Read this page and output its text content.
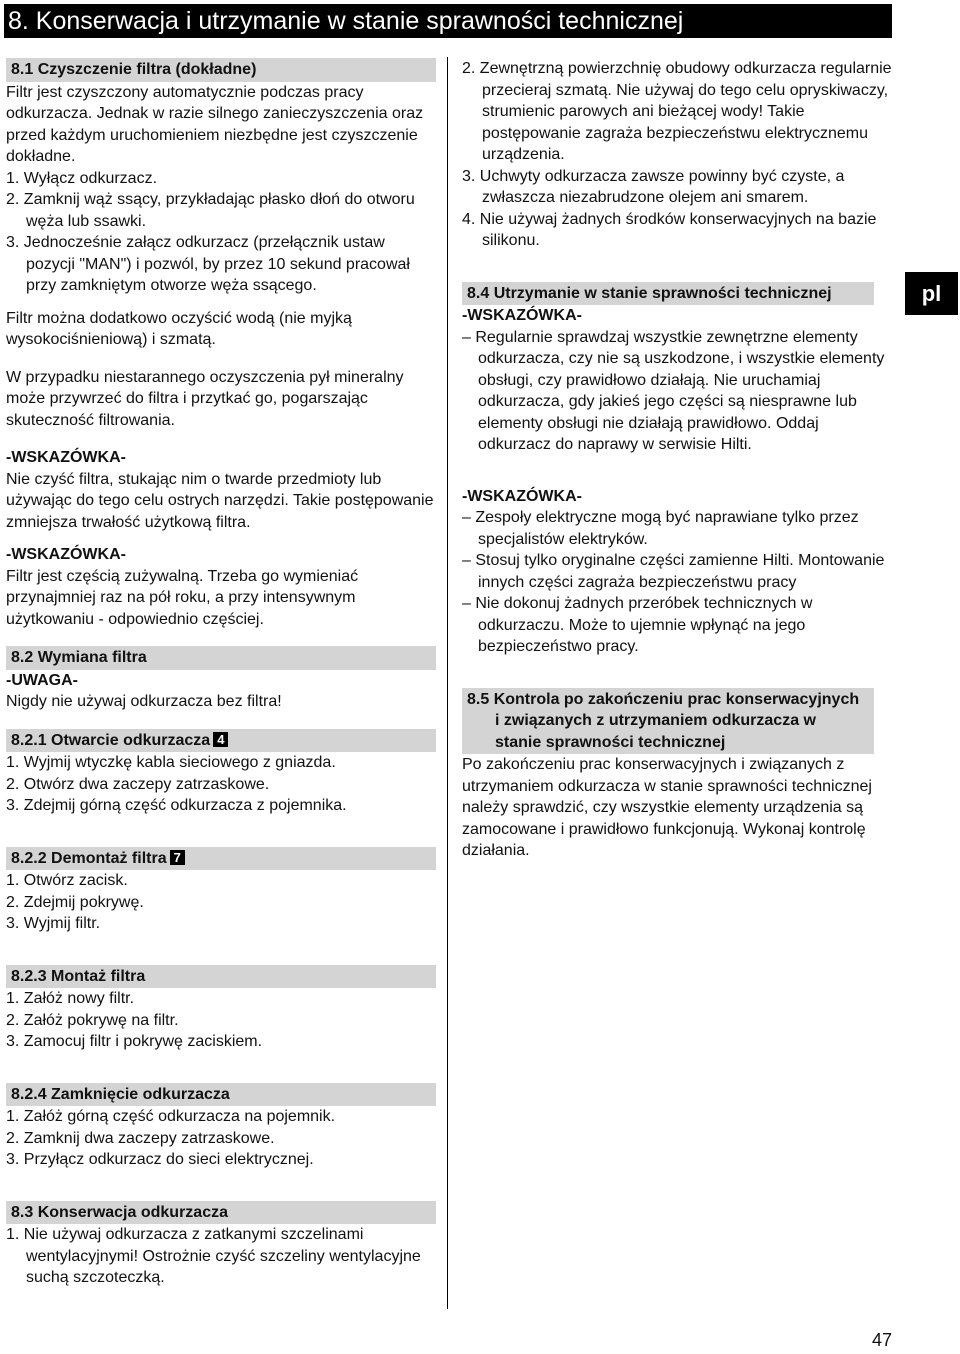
8. Konserwacja i utrzymanie w stanie sprawności technicznej
8.1 Czyszczenie filtra (dokładne)

Filtr jest czyszczony automatycznie podczas pracy odkurzacza. Jednak w razie silnego zanieczyszczenia oraz przed każdym uruchomieniem niezbędne jest czyszczenie dokładne.

1. Wyłącz odkurzacz.

2. Zamknij wąż ssący, przykładając płasko dłoń do otworu węża lub ssawki.

3. Jednocześnie załącz odkurzacz (przełącznik ustaw pozycji "MAN") i pozwól, by przez 10 sekund pracował przy zamkniętym otworze węża ssącego.

Filtr można dodatkowo oczyścić wodą (nie myjką wysokociśnieniową) i szmatą.

W przypadku niestarannego oczyszczenia pył mineralny może przywrzeć do filtra i przytkać go, pogarszając skuteczność filtrowania.

-WSKAZÓWKA-

Nie czyść filtra, stukając nim o twarde przedmioty lub używając do tego celu ostrych narzędzi. Takie postępowanie zmniejsza trwałość użytkową filtra.

-WSKAZÓWKA-

Filtr jest częścią zużywalną. Trzeba go wymieniać przynajmniej raz na pół roku, a przy intensywnym użytkowaniu - odpowiednio częściej.

8.2 Wymiana filtra

-UWAGA-

Nigdy nie używaj odkurzacza bez filtra!

8.2.1 Otwarcie odkurzacza 4

1. Wyjmij wtyczkę kabla sieciowego z gniazda.

2. Otwórz dwa zaczepy zatrzaskowe.

3. Zdejmij górną część odkurzacza z pojemnika.

8.2.2 Demontaż filtra 7

1. Otwórz zacisk.

2. Zdejmij pokrywę.

3. Wyjmij filtr.

8.2.3 Montaż filtra

1. Załóż nowy filtr.

2. Załóż pokrywę na filtr.

3. Zamocuj filtr i pokrywę zaciskiem.

8.2.4 Zamknięcie odkurzacza

1. Załóż górną część odkurzacza na pojemnik.

2. Zamknij dwa zaczepy zatrzaskowe.

3. Przyłącz odkurzacz do sieci elektrycznej.

8.3 Konserwacja odkurzacza

1. Nie używaj odkurzacza z zatkanymi szczelinami wentylacyjnymi! Ostrożnie czyść szczeliny wentylacyjne suchą szczoteczką.

2. Zewnętrzną powierzchnię obudowy odkurzacza regularnie przecieraj szmatą. Nie używaj do tego celu opryskiwaczy, strumienic parowych ani bieżącej wody! Takie postępowanie zagraża bezpieczeństwu elektrycznemu urządzenia.

3. Uchwyty odkurzacza zawsze powinny być czyste, a zwłaszcza niezabrudzone olejem ani smarem.

4. Nie używaj żadnych środków konserwacyjnych na bazie silikonu.

8.4 Utrzymanie w stanie sprawności technicznej

-WSKAZÓWKA-

– Regularnie sprawdzaj wszystkie zewnętrzne elementy odkurzacza, czy nie są uszkodzone, i wszystkie elementy obsługi, czy prawidłowo działają. Nie uruchamiaj odkurzacza, gdy jakieś jego części są niesprawne lub elementy obsługi nie działają prawidłowo. Oddaj odkurzacz do naprawy w serwisie Hilti.

-WSKAZÓWKA-

– Zespoły elektryczne mogą być naprawiane tylko przez specjalistów elektryków.

– Stosuj tylko oryginalne części zamienne Hilti. Montowanie innych części zagraża bezpieczeństwu pracy

– Nie dokonuj żadnych przeróbek technicznych w odkurzaczu. Może to ujemnie wpłynąć na jego bezpieczeństwo pracy.

8.5 Kontrola po zakończeniu prac konserwacyjnych
i związanych z utrzymaniem odkurzacza w
stanie sprawności technicznej

Po zakończeniu prac konserwacyjnych i związanych z utrzymaniem odkurzacza w stanie sprawności technicznej należy sprawdzić, czy wszystkie elementy urządzenia są zamocowane i prawidłowo funkcjonują. Wykonaj kontrolę działania.

pl
47
